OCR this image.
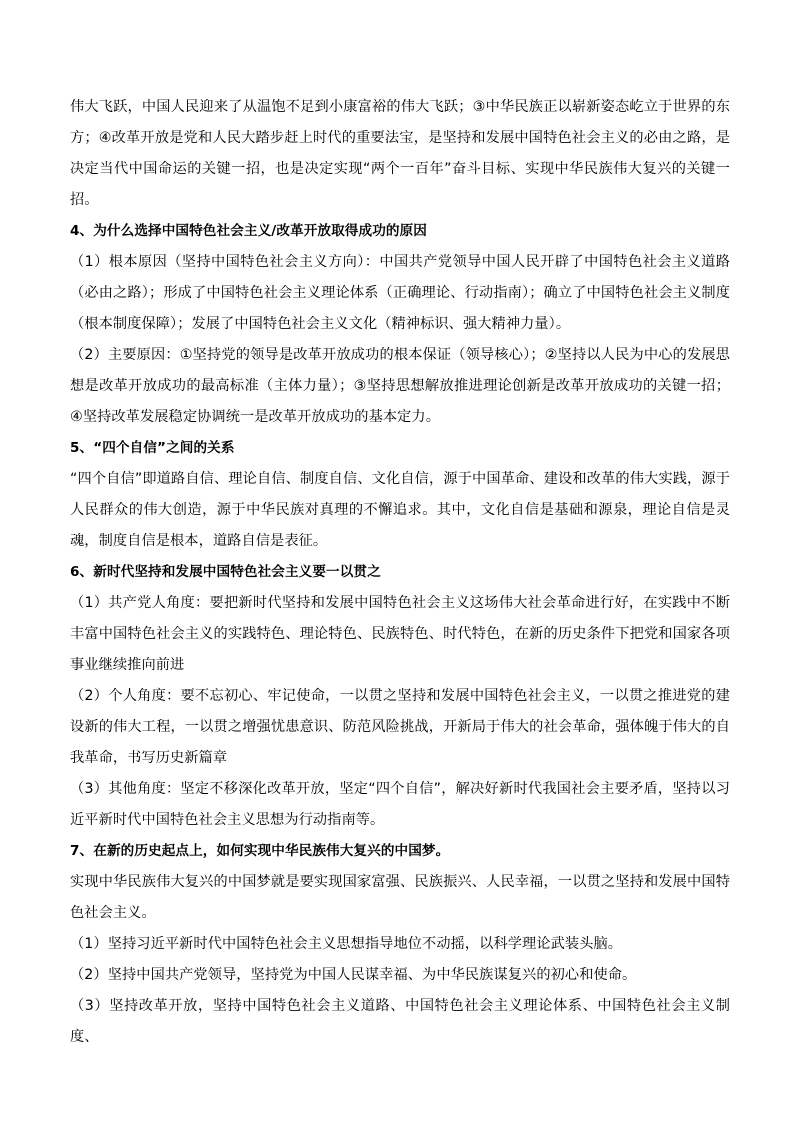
伟大飞跃，中国人民迎来了从温饱不足到小康富裕的伟大飞跃；③中华民族正以崭新姿态屹立于世界的东方；④改革开放是党和人民大踏步赶上时代的重要法宝，是坚持和发展中国特色社会主义的必由之路，是决定当代中国命运的关键一招，也是决定实现“两个一百年”奋斗目标、实现中华民族伟大复兴的关键一招。

4、为什么选择中国特色社会主义/改革开放取得成功的原因

（1）根本原因（坚持中国特色社会主义方向）：中国共产党领导中国人民开辟了中国特色社会主义道路（必由之路）；形成了中国特色社会主义理论体系（正确理论、行动指南）；确立了中国特色社会主义制度（根本制度保障）；发展了中国特色社会主义文化（精神标识、强大精神力量）。

（2）主要原因：①坚持党的领导是改革开放成功的根本保证（领导核心）；②坚持以人民为中心的发展思想是改革开放成功的最高标准（主体力量）；③坚持思想解放推进理论创新是改革开放成功的关键一招；④坚持改革发展稳定协调统一是改革开放成功的基本定力。

5、“四个自信”之间的关系

“四个自信”即道路自信、理论自信、制度自信、文化自信，源于中国革命、建设和改革的伟大实践，源于人民群众的伟大创造，源于中华民族对真理的不懈追求。其中，文化自信是基础和源泉，理论自信是灵魂，制度自信是根本，道路自信是表征。

6、新时代坚持和发展中国特色社会主义要一以贯之

（1）共产党人角度：要把新时代坚持和发展中国特色社会主义这场伟大社会革命进行好，在实践中不断丰富中国特色社会主义的实践特色、理论特色、民族特色、时代特色，在新的历史条件下把党和国家各项事业继续推向前进

（2）个人角度：要不忘初心、牢记使命，一以贯之坚持和发展中国特色社会主义，一以贯之推进党的建设新的伟大工程，一以贯之增强忧患意识、防范风险挑战，开新局于伟大的社会革命，强体魄于伟大的自我革命，书写历史新篇章

（3）其他角度：坚定不移深化改革开放，坚定“四个自信”，解决好新时代我国社会主要矛盾，坚持以习近平新时代中国特色社会主义思想为行动指南等。

7、在新的历史起点上，如何实现中华民族伟大复兴的中国梦。

实现中华民族伟大复兴的中国梦就是要实现国家富强、民族振兴、人民幸福，一以贯之坚持和发展中国特色社会主义。

（1）坚持习近平新时代中国特色社会主义思想指导地位不动摇，以科学理论武装头脑。

（2）坚持中国共产党领导，坚持党为中国人民谋幸福、为中华民族谋复兴的初心和使命。

（3）坚持改革开放，坚持中国特色社会主义道路、中国特色社会主义理论体系、中国特色社会主义制度、
